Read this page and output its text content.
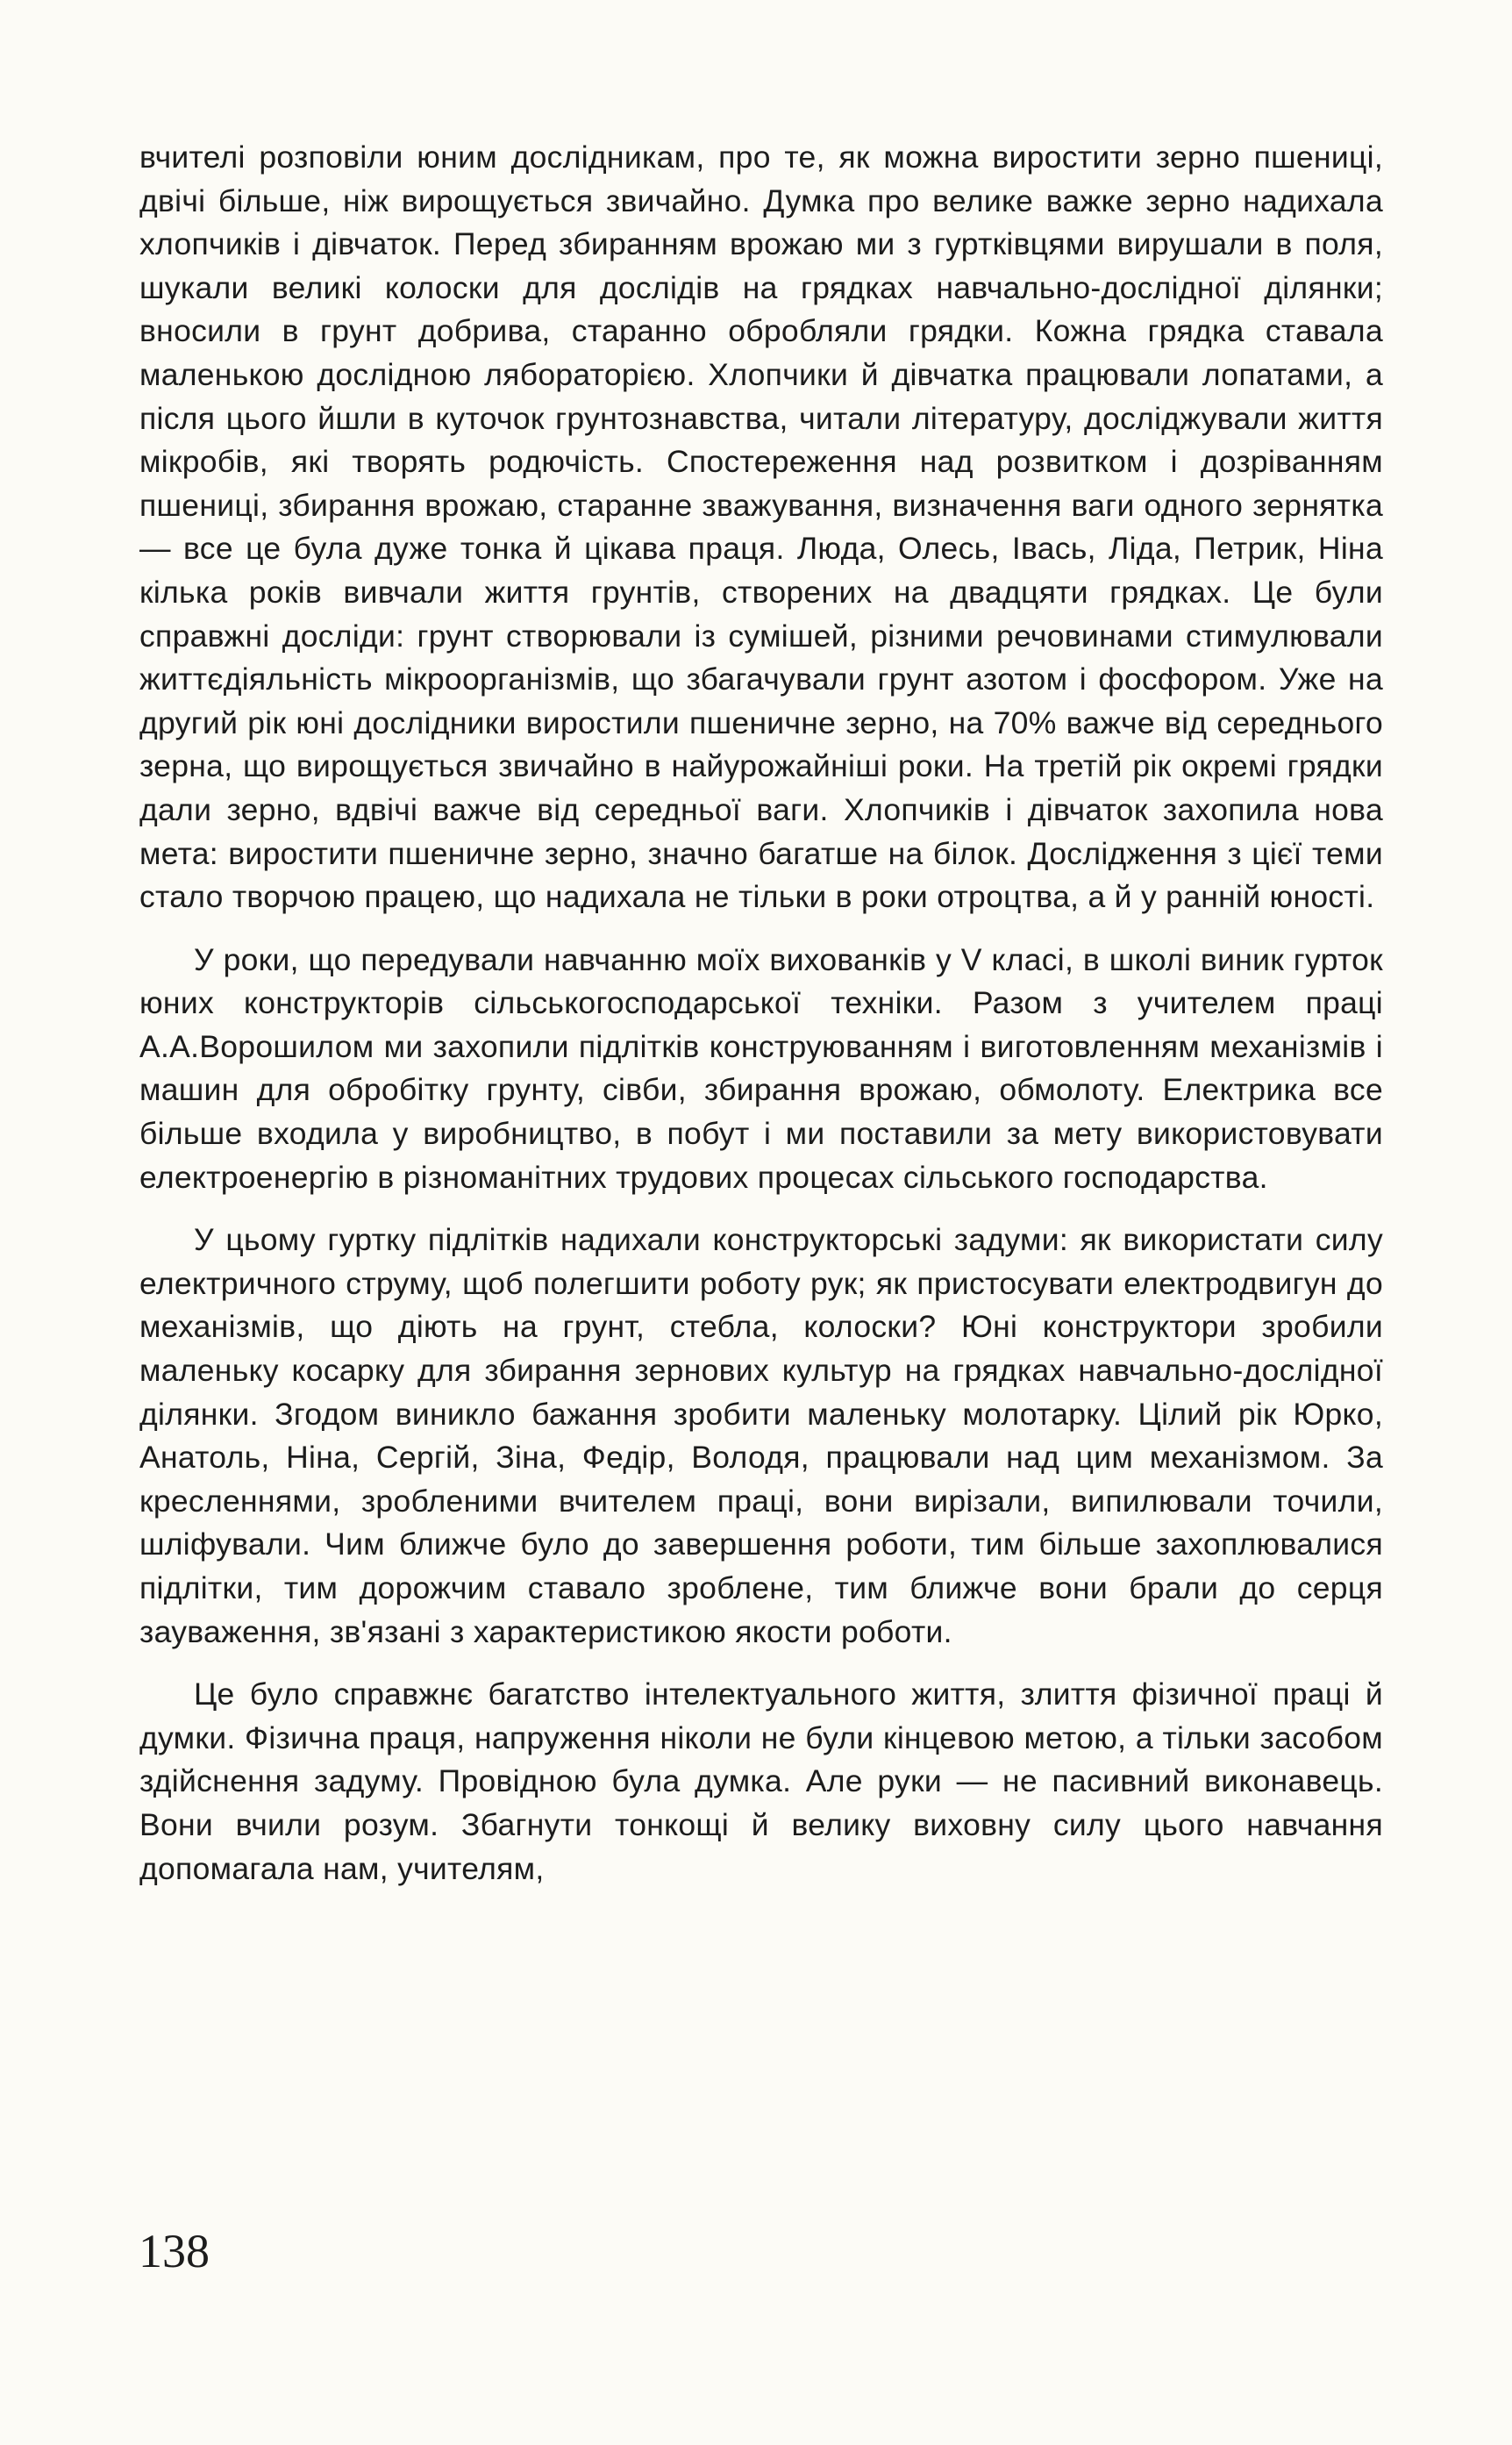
вчителі розповіли юним дослідникам, про те, як можна виростити зерно пшениці, двічі більше, ніж вирощується звичайно. Думка про велике важке зерно надихала хлопчиків і дівчаток. Перед збиранням врожаю ми з гуртківцями вирушали в поля, шукали великі колоски для дослідів на грядках навчально-дослідної ділянки; вносили в грунт добрива, старанно обробляли грядки. Кожна грядка ставала маленькою дослідною лябораторією. Хлопчики й дівчатка працювали лопатами, а після цього йшли в куточок грунтознавства, читали літературу, досліджували життя мікробів, які творять родючість. Спостереження над розвитком і дозріванням пшениці, збирання врожаю, старанне зважування, визначення ваги одного зернятка — все це була дуже тонка й цікава праця. Люда, Олесь, Івась, Ліда, Петрик, Ніна кілька років вивчали життя грунтів, створених на двадцяти грядках. Це були справжні досліди: грунт створювали із сумішей, різними речовинами стимулювали життєдіяльність мікроорганізмів, що збагачували грунт азотом і фосфором. Уже на другий рік юні дослідники виростили пшеничне зерно, на 70% важче від середнього зерна, що вирощується звичайно в найурожайніші роки. На третій рік окремі грядки дали зерно, вдвічі важче від середньої ваги. Хлопчиків і дівчаток захопила нова мета: виростити пшеничне зерно, значно багатше на білок. Дослідження з цієї теми стало творчою працею, що надихала не тільки в роки отроцтва, а й у ранній юності.

У роки, що передували навчанню моїх вихованків у V класі, в школі виник гурток юних конструкторів сільськогосподарської техніки. Разом з учителем праці А.А.Ворошилом ми захопили підлітків конструюванням і виготовленням механізмів і машин для обробітку грунту, сівби, збирання врожаю, обмолоту. Електрика все більше входила у виробництво, в побут і ми поставили за мету використовувати електроенергію в різноманітних трудових процесах сільського господарства.

У цьому гуртку підлітків надихали конструкторські задуми: як використати силу електричного струму, щоб полегшити роботу рук; як пристосувати електродвигун до механізмів, що діють на грунт, стебла, колоски? Юні конструктори зробили маленьку косарку для збирання зернових культур на грядках навчально-дослідної ділянки. Згодом виникло бажання зробити маленьку молотарку. Цілий рік Юрко, Анатоль, Ніна, Сергій, Зіна, Федір, Володя, працювали над цим механізмом. За кресленнями, зробленими вчителем праці, вони вирізали, випилювали точили, шліфували. Чим ближче було до завершення роботи, тим більше захоплювалися підлітки, тим дорожчим ставало зроблене, тим ближче вони брали до серця зауваження, зв'язані з характеристикою якости роботи.

Це було справжнє багатство інтелектуального життя, злиття фізичної праці й думки. Фізична праця, напруження ніколи не були кінцевою метою, а тільки засобом здійснення задуму. Провідною була думка. Але руки — не пасивний виконавець. Вони вчили розум. Збагнути тонкощі й велику виховну силу цього навчання допомагала нам, учителям,

138
